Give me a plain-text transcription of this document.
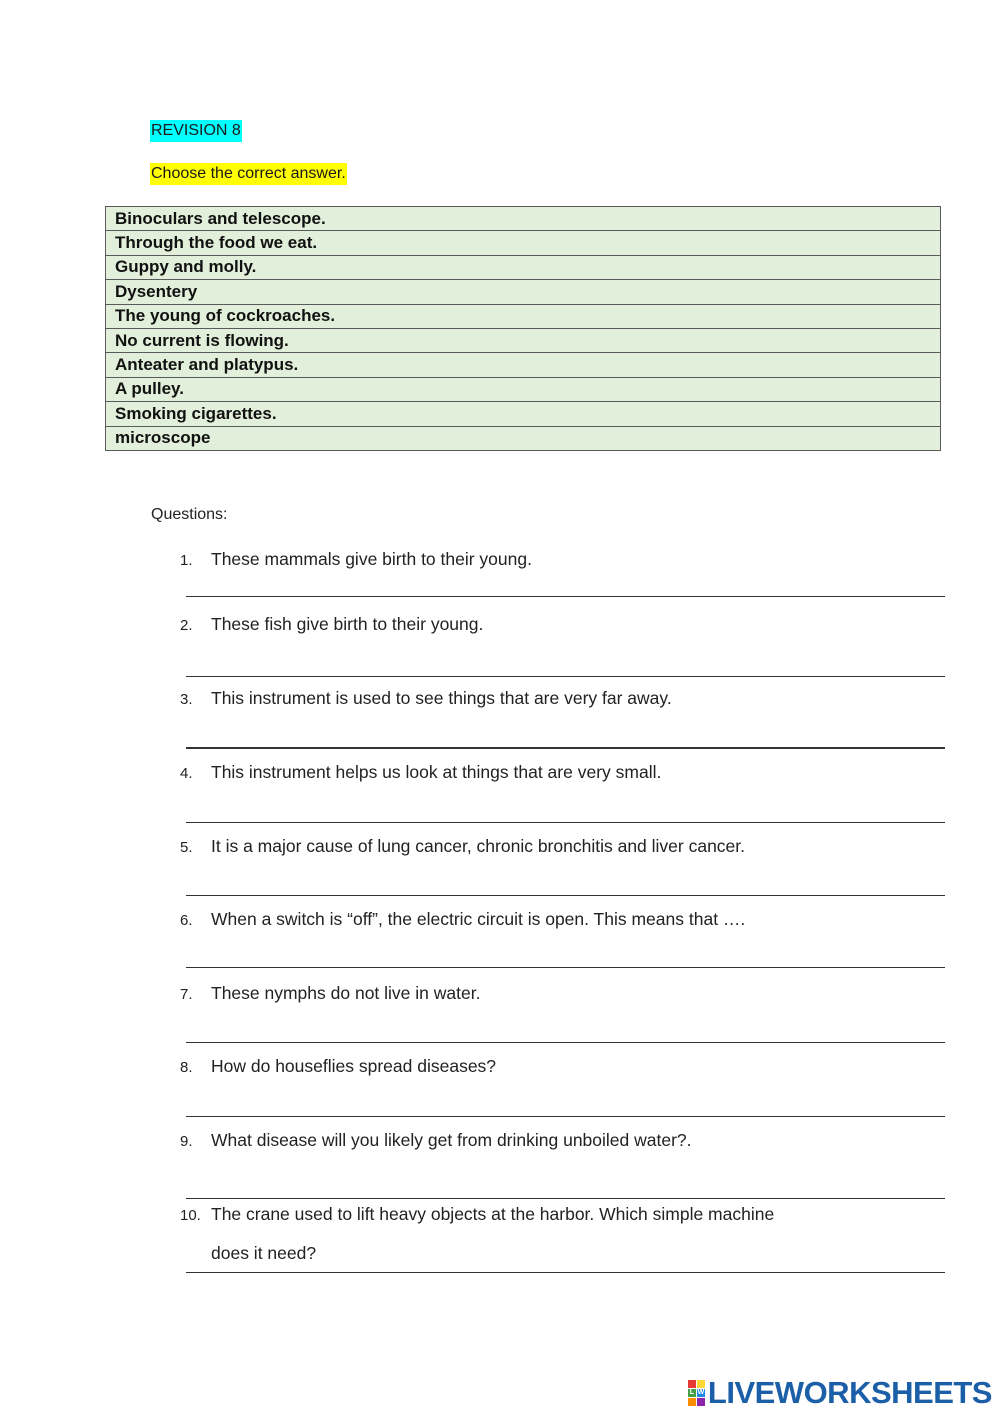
REVISION 8
Choose the correct answer.
Binoculars and telescope.
Through the food we eat.
Guppy and molly.
Dysentery
The young of cockroaches.
No current is flowing.
Anteater and platypus.
A pulley.
Smoking cigarettes.
microscope
Questions:
1. These mammals give birth to their young.
2. These fish give birth to their young.
3. This instrument is used to see things that are very far away.
4. This instrument helps us look at things that are very small.
5. It is a major cause of lung cancer, chronic bronchitis and liver cancer.
6. When a switch is “off”, the electric circuit is open. This means that ….
7. These nymphs do not live in water.
8. How do houseflies spread diseases?
9. What disease will you likely get from drinking unboiled water?.
10. The crane used to lift heavy objects at the harbor. Which simple machine
does it need?
L W LIVEWORKSHEETS
